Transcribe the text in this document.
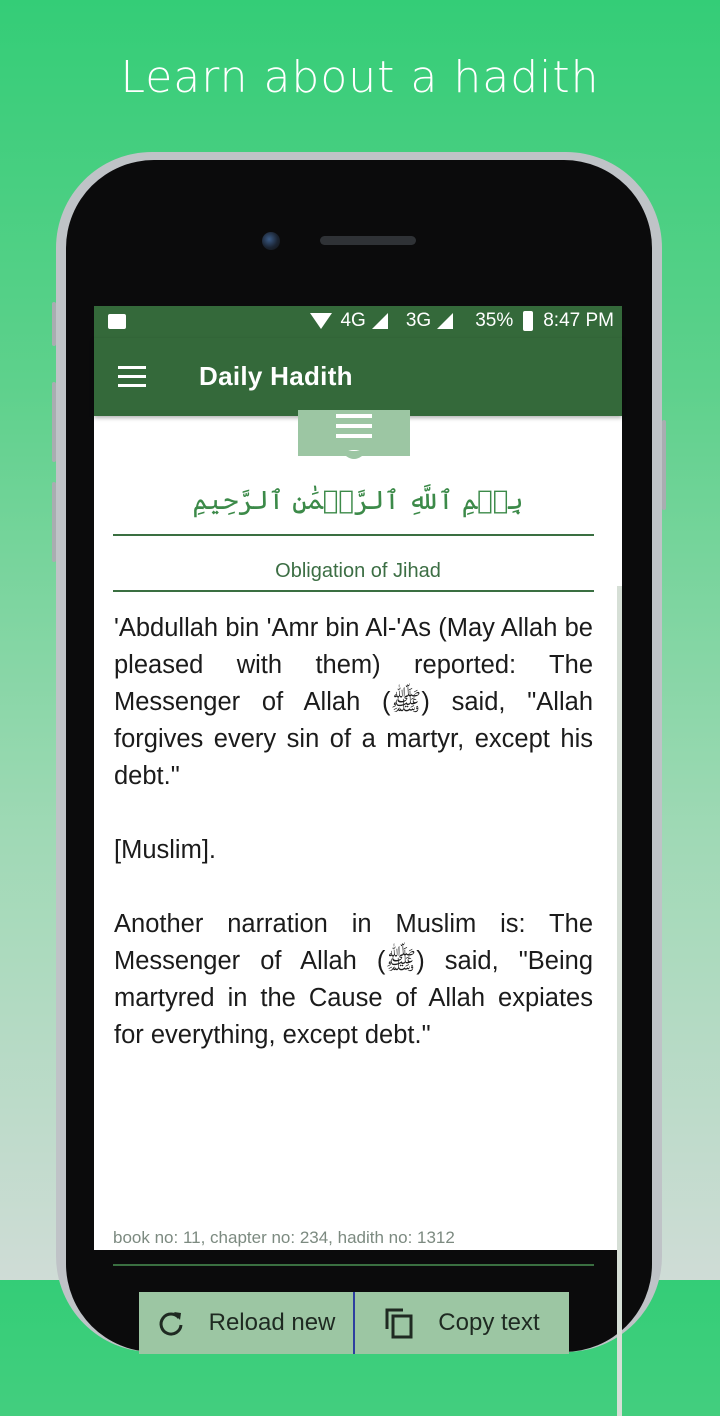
Learn about a hadith
4G 3G 35% 8:47 PM
Daily Hadith
بِسۡمِ ٱللَّهِ ٱلرَّحۡمَٰنِ ٱلرَّحِيمِ
Obligation of Jihad

'Abdullah bin 'Amr bin Al-'As (May Allah be pleased with them) reported: The Messenger of Allah (ﷺ) said, "Allah forgives every sin of a martyr, except his debt."

[Muslim].

Another narration in Muslim is: The Messenger of Allah (ﷺ) said, "Being martyred in the Cause of Allah expiates for everything, except debt."

book no: 11, chapter no: 234, hadith no: 1312
Reload new	Copy text
